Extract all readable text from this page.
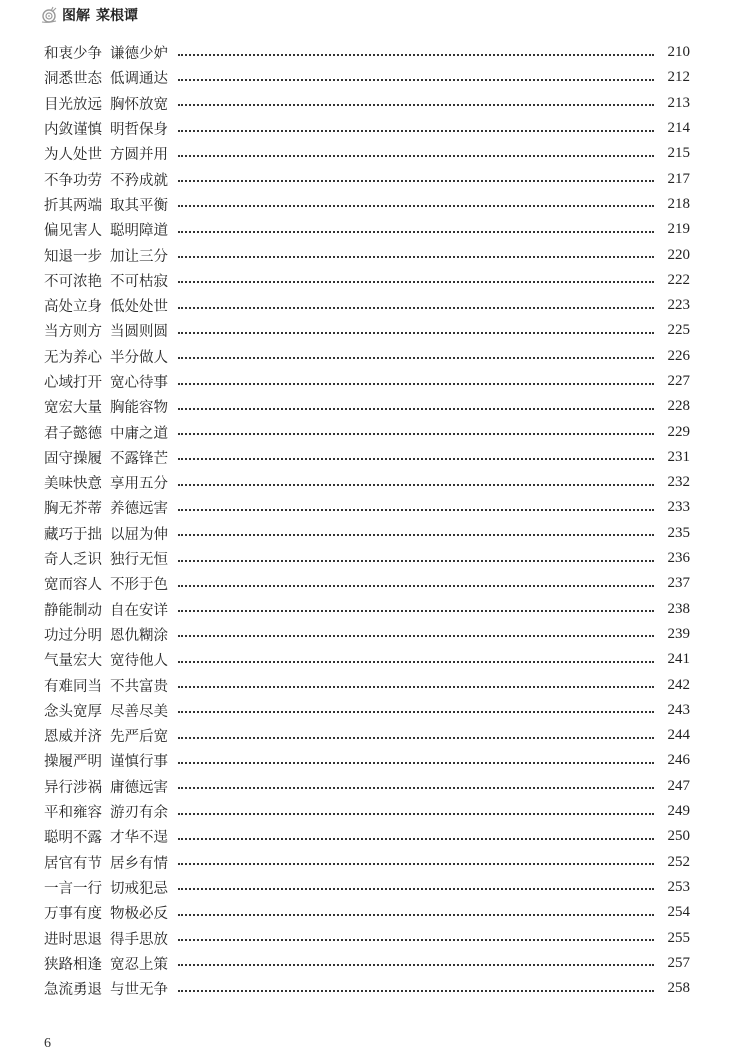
图解 菜根谭
和衷少争 谦德少妒	210
洞悉世态 低调通达	212
目光放远 胸怀放宽	213
内敛谨慎 明哲保身	214
为人处世 方圆并用	215
不争功劳 不矜成就	217
折其两端 取其平衡	218
偏见害人 聪明障道	219
知退一步 加让三分	220
不可浓艳 不可枯寂	222
高处立身 低处处世	223
当方则方 当圆则圆	225
无为养心 半分做人	226
心域打开 宽心待事	227
宽宏大量 胸能容物	228
君子懿德 中庸之道	229
固守操履 不露锋芒	231
美味快意 享用五分	232
胸无芥蒂 养德远害	233
藏巧于拙 以屈为伸	235
奇人乏识 独行无恒	236
宽而容人 不形于色	237
静能制动 自在安详	238
功过分明 恩仇糊涂	239
气量宏大 宽待他人	241
有难同当 不共富贵	242
念头宽厚 尽善尽美	243
恩威并济 先严后宽	244
操履严明 谨慎行事	246
异行涉祸 庸德远害	247
平和雍容 游刃有余	249
聪明不露 才华不逞	250
居官有节 居乡有情	252
一言一行 切戒犯忌	253
万事有度 物极必反	254
进时思退 得手思放	255
狭路相逢 宽忍上策	257
急流勇退 与世无争	258
6
